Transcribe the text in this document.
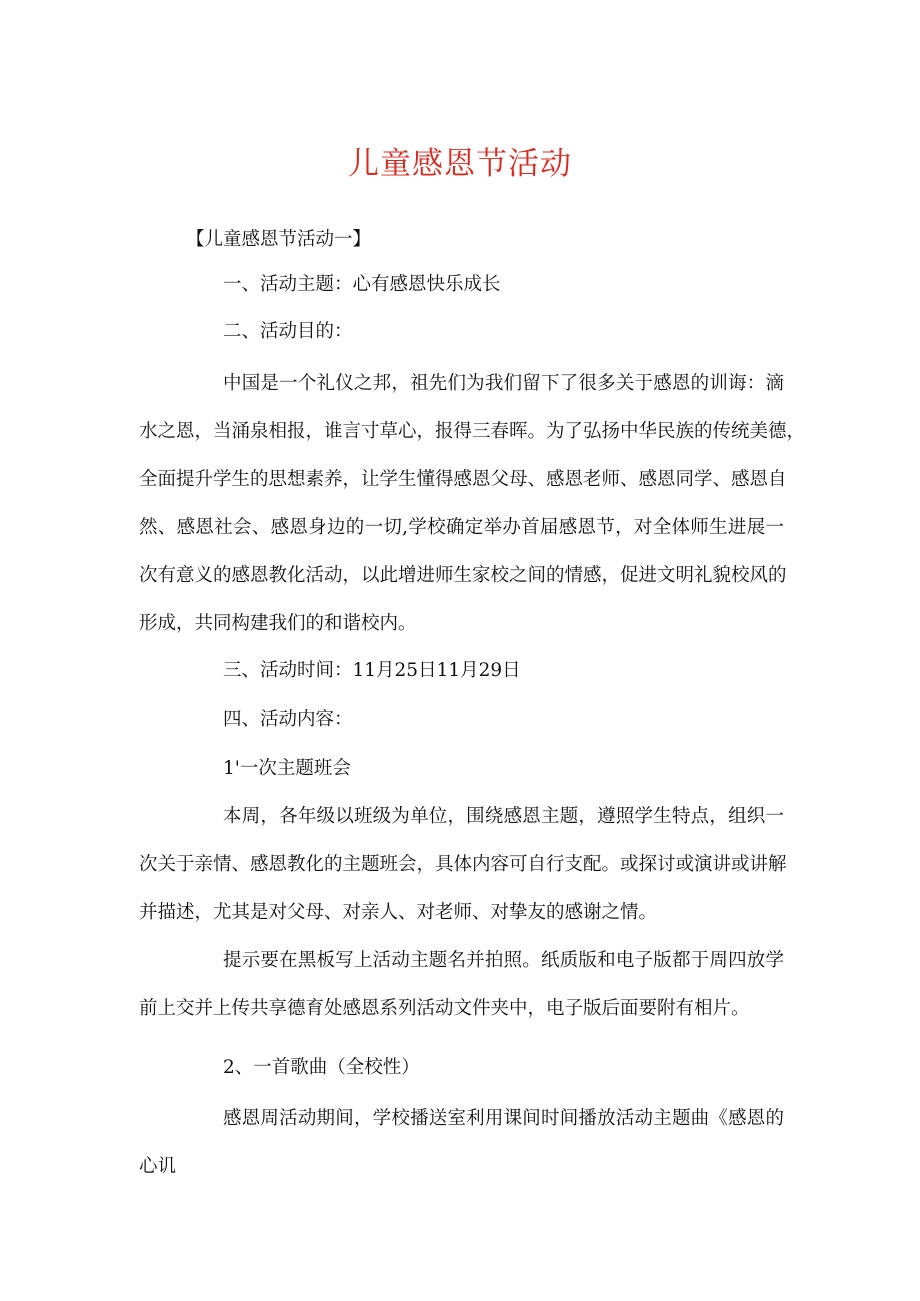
儿童感恩节活动
【儿童感恩节活动一】
一、活动主题：心有感恩快乐成长
二、活动目的：
中国是一个礼仪之邦，祖先们为我们留下了很多关于感恩的训诲：滴
水之恩，当涌泉相报，谁言寸草心，报得三春晖。为了弘扬中华民族的传统美德，
全面提升学生的思想素养，让学生懂得感恩父母、感恩老师、感恩同学、感恩自
然、感恩社会、感恩身边的一切,学校确定举办首届感恩节，对全体师生进展一
次有意义的感恩教化活动，以此增进师生家校之间的情感，促进文明礼貌校风的
形成，共同构建我们的和谐校内。
三、活动时间：11月25日11月29日
四、活动内容：
1'一次主题班会
本周，各年级以班级为单位，围绕感恩主题，遵照学生特点，组织一
次关于亲情、感恩教化的主题班会，具体内容可自行支配。或探讨或演讲或讲解
并描述，尤其是对父母、对亲人、对老师、对挚友的感谢之情。
提示要在黑板写上活动主题名并拍照。纸质版和电子版都于周四放学
前上交并上传共享德育处感恩系列活动文件夹中，电子版后面要附有相片。
2、一首歌曲（全校性）
感恩周活动期间，学校播送室利用课间时间播放活动主题曲《感恩的
心讥
